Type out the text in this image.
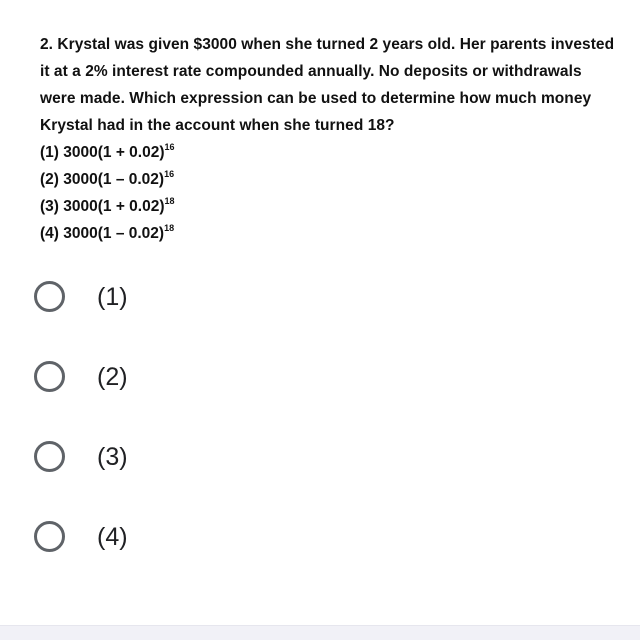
2. Krystal was given $3000 when she turned 2 years old. Her parents invested it at a 2% interest rate compounded annually. No deposits or withdrawals were made. Which expression can be used to determine how much money Krystal had in the account when she turned 18?

(1) $3000(1 + 0.02)^{16}$
(2) 3000(1 – 0.02)$^{16}$
(3) $3000(1 + 0.02)^{18}$
(4) 3000(1 – 0.02)$^{18}$
(1)
(2)
(3)
(4)
